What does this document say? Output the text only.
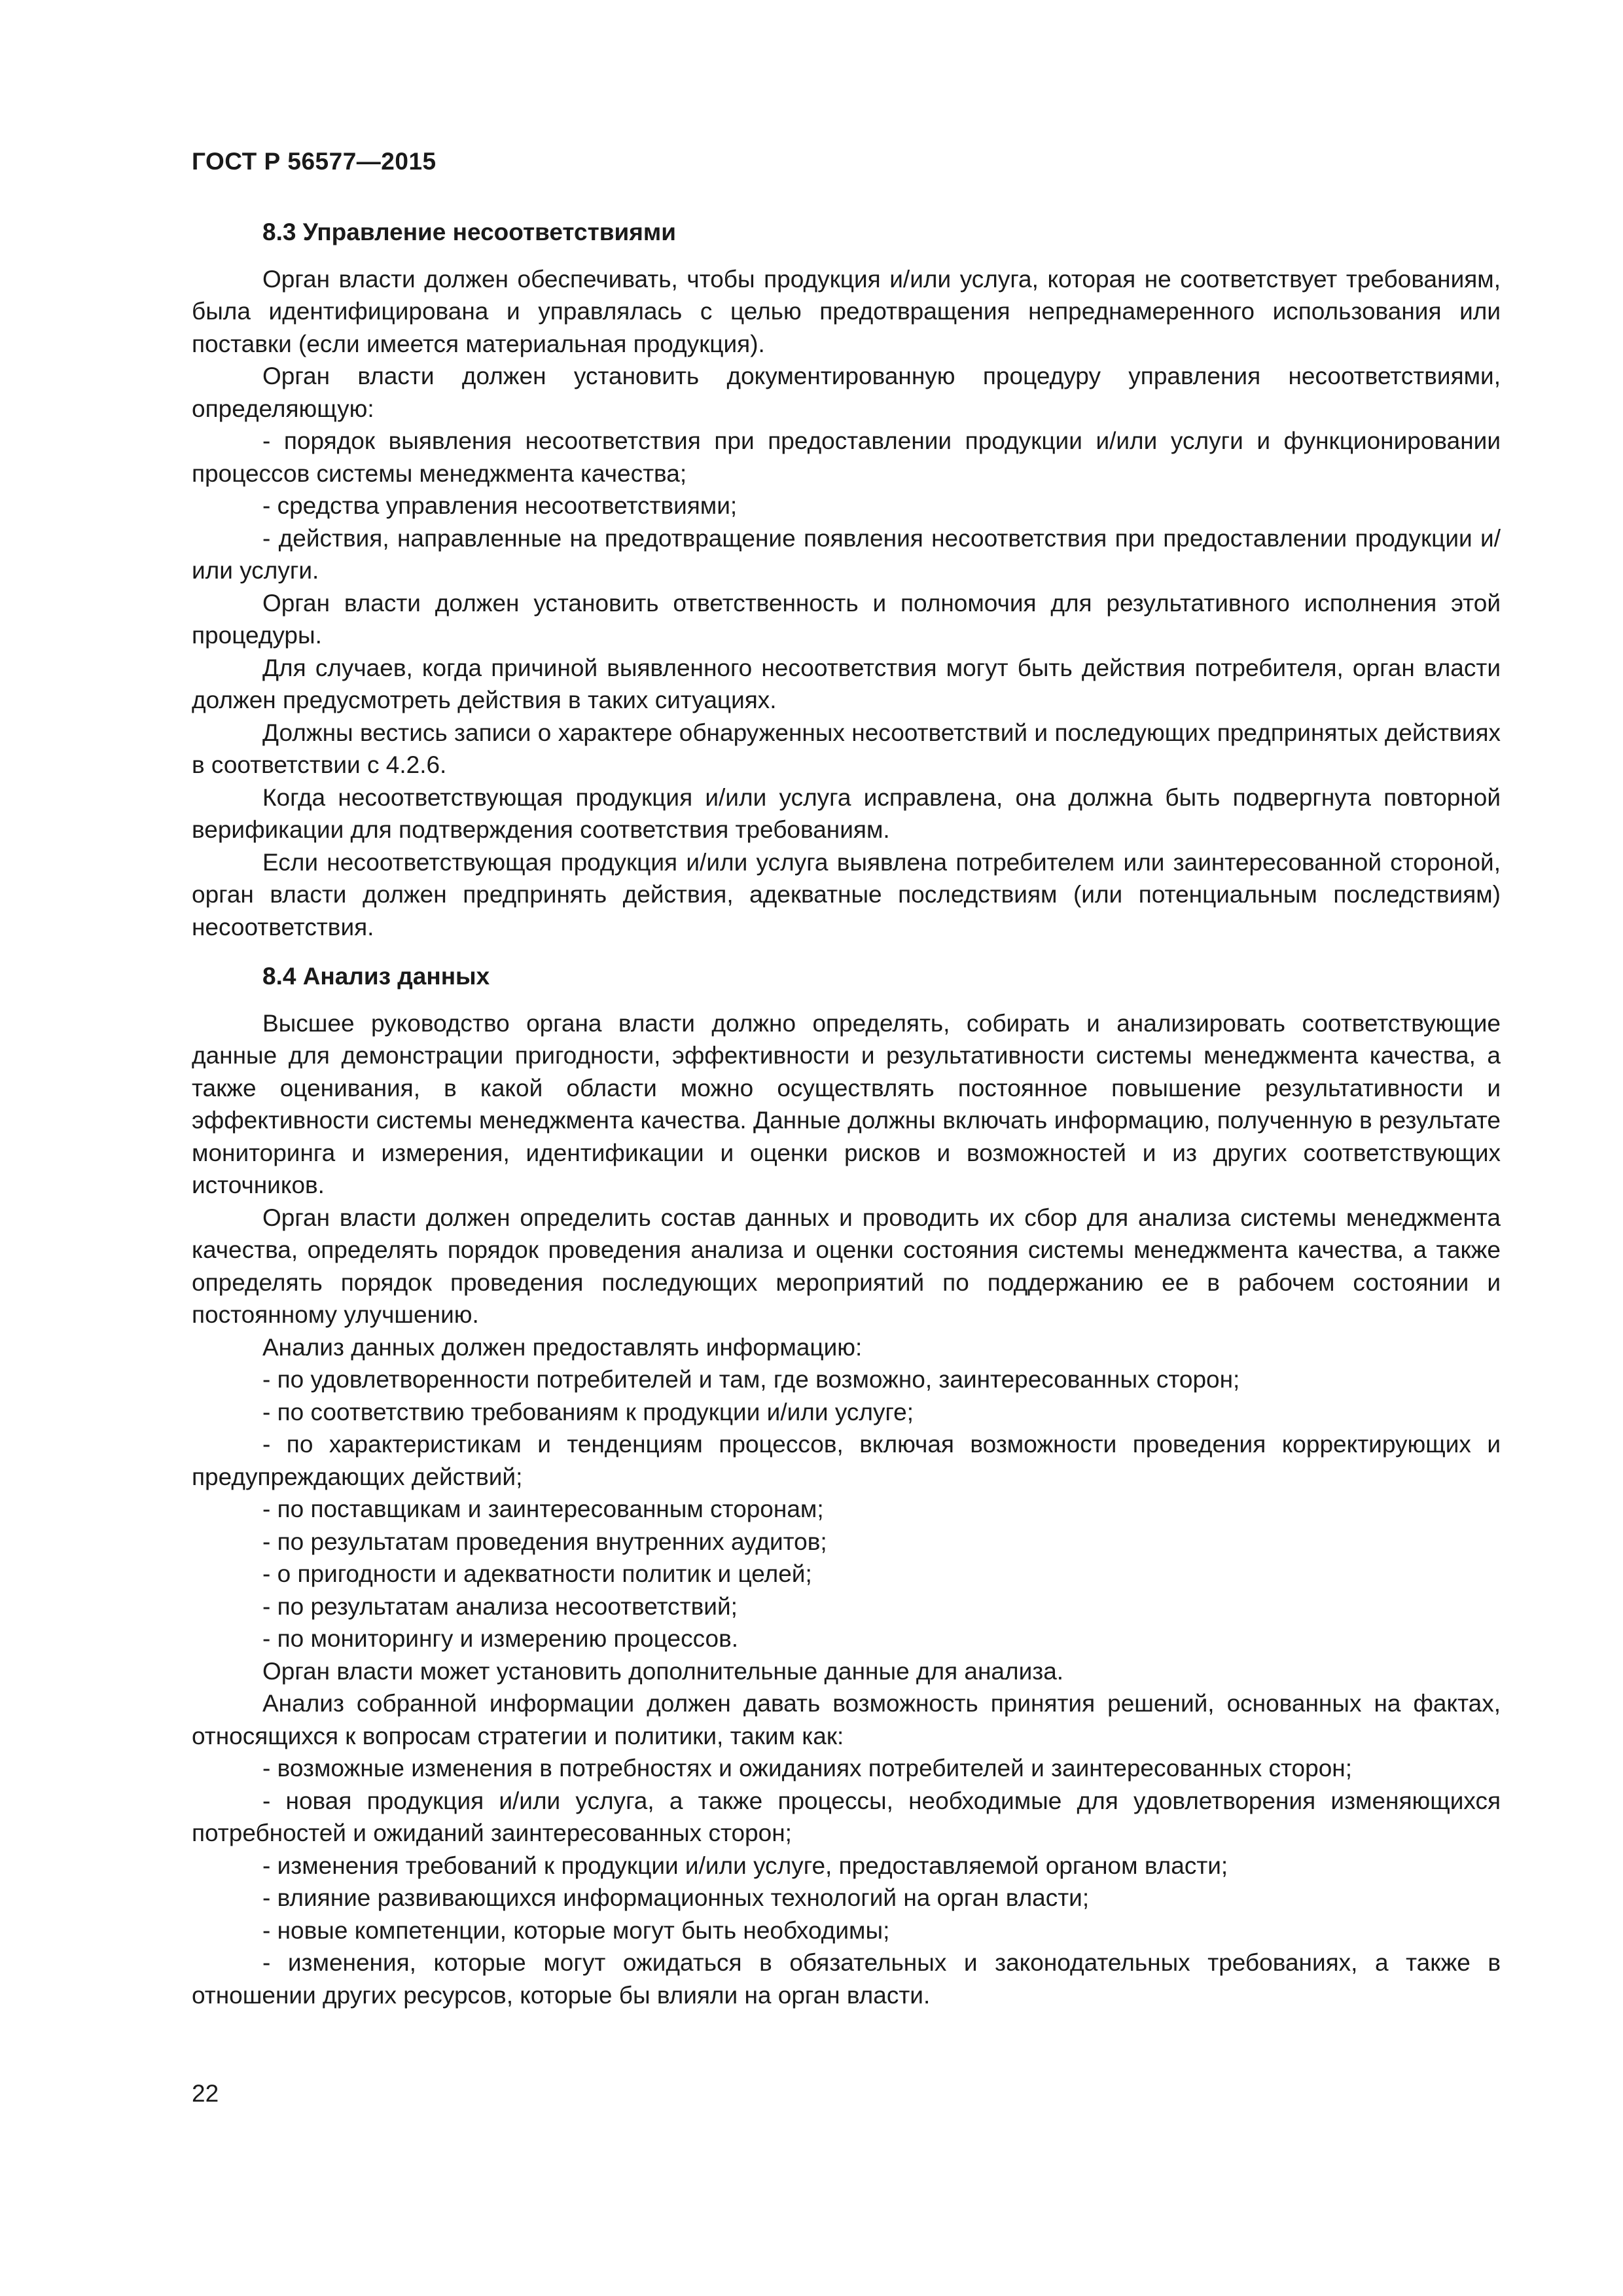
ГОСТ Р 56577—2015
8.3 Управление несоответствиями
Орган власти должен обеспечивать, чтобы продукция и/или услуга, которая не соответствует требованиям, была идентифицирована и управлялась с целью предотвращения непреднамеренного использования или поставки (если имеется материальная продукция).
Орган власти должен установить документированную процедуру управления несоответствиями, определяющую:
- порядок выявления несоответствия при предоставлении продукции и/или услуги и функционировании процессов системы менеджмента качества;
- средства управления несоответствиями;
- действия, направленные на предотвращение появления несоответствия при предоставлении продукции и/или услуги.
Орган власти должен установить ответственность и полномочия для результативного исполнения этой процедуры.
Для случаев, когда причиной выявленного несоответствия могут быть действия потребителя, орган власти должен предусмотреть действия в таких ситуациях.
Должны вестись записи о характере обнаруженных несоответствий и последующих предпринятых действиях в соответствии с 4.2.6.
Когда несоответствующая продукция и/или услуга исправлена, она должна быть подвергнута повторной верификации для подтверждения соответствия требованиям.
Если несоответствующая продукция и/или услуга выявлена потребителем или заинтересованной стороной, орган власти должен предпринять действия, адекватные последствиям (или потенциальным последствиям) несоответствия.
8.4 Анализ данных
Высшее руководство органа власти должно определять, собирать и анализировать соответствующие данные для демонстрации пригодности, эффективности и результативности системы менеджмента качества, а также оценивания, в какой области можно осуществлять постоянное повышение результативности и эффективности системы менеджмента качества. Данные должны включать информацию, полученную в результате мониторинга и измерения, идентификации и оценки рисков и возможностей и из других соответствующих источников.
Орган власти должен определить состав данных и проводить их сбор для анализа системы менеджмента качества, определять порядок проведения анализа и оценки состояния системы менеджмента качества, а также определять порядок проведения последующих мероприятий по поддержанию ее в рабочем состоянии и постоянному улучшению.
Анализ данных должен предоставлять информацию:
- по удовлетворенности потребителей и там, где возможно, заинтересованных сторон;
- по соответствию требованиям к продукции и/или услуге;
- по характеристикам и тенденциям процессов, включая возможности проведения корректирующих и предупреждающих действий;
- по поставщикам и заинтересованным сторонам;
- по результатам проведения внутренних аудитов;
- о пригодности и адекватности политик и целей;
- по результатам анализа несоответствий;
- по мониторингу и измерению процессов.
Орган власти может установить дополнительные данные для анализа.
Анализ собранной информации должен давать возможность принятия решений, основанных на фактах, относящихся к вопросам стратегии и политики, таким как:
- возможные изменения в потребностях и ожиданиях потребителей и заинтересованных сторон;
- новая продукция и/или услуга, а также процессы, необходимые для удовлетворения изменяющихся потребностей и ожиданий заинтересованных сторон;
- изменения требований к продукции и/или услуге, предоставляемой органом власти;
- влияние развивающихся информационных технологий на орган власти;
- новые компетенции, которые могут быть необходимы;
- изменения, которые могут ожидаться в обязательных и законодательных требованиях, а также в отношении других ресурсов, которые бы влияли на орган власти.
22
